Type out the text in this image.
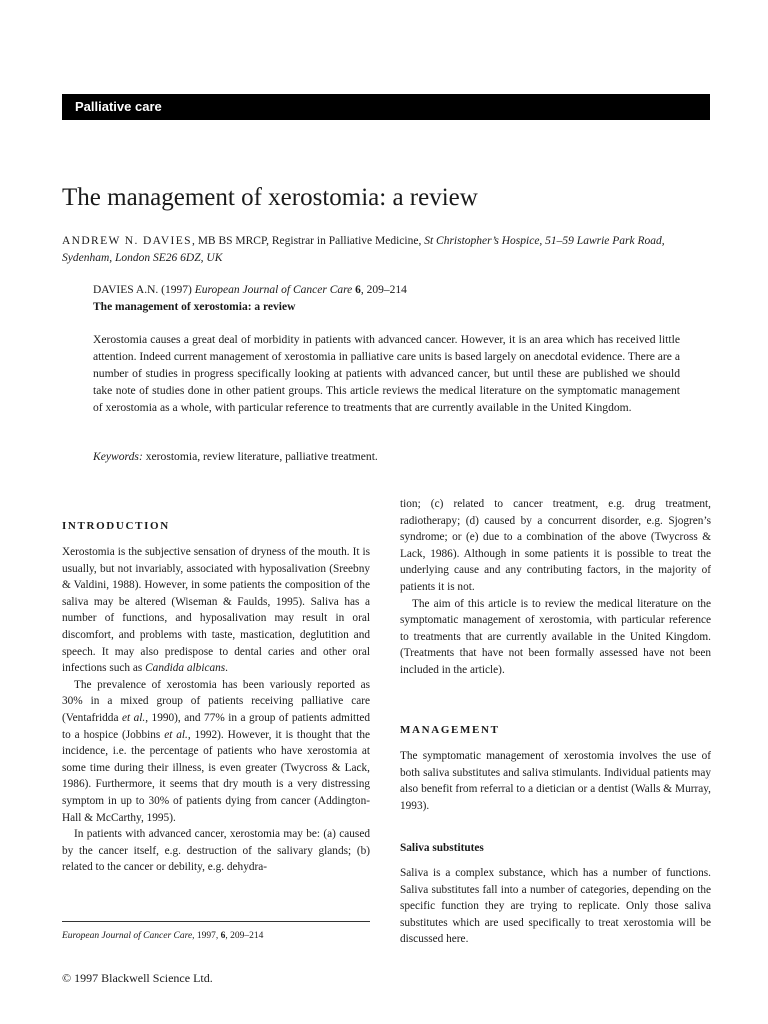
Palliative care
The management of xerostomia: a review
ANDREW N. DAVIES, MB BS MRCP, Registrar in Palliative Medicine, St Christopher’s Hospice, 51–59 Lawrie Park Road, Sydenham, London SE26 6DZ, UK
DAVIES A.N. (1997) European Journal of Cancer Care 6, 209–214
The management of xerostomia: a review

Xerostomia causes a great deal of morbidity in patients with advanced cancer. However, it is an area which has received little attention. Indeed current management of xerostomia in palliative care units is based largely on anecdotal evidence. There are a number of studies in progress specifically looking at patients with advanced cancer, but until these are published we should take note of studies done in other patient groups. This article reviews the medical literature on the symptomatic management of xerostomia as a whole, with particular reference to treatments that are currently available in the United Kingdom.

Keywords: xerostomia, review literature, palliative treatment.
INTRODUCTION

Xerostomia is the subjective sensation of dryness of the mouth. It is usually, but not invariably, associated with hyposalivation (Sreebny & Valdini, 1988). However, in some patients the composition of the saliva may be altered (Wiseman & Faulds, 1995). Saliva has a number of functions, and hyposalivation may result in oral discomfort, and problems with taste, mastication, deglutition and speech. It may also predispose to dental caries and other oral infections such as Candida albicans.

The prevalence of xerostomia has been variously reported as 30% in a mixed group of patients receiving palliative care (Ventafridda et al., 1990), and 77% in a group of patients admitted to a hospice (Jobbins et al., 1992). However, it is thought that the incidence, i.e. the percentage of patients who have xerostomia at some time during their illness, is even greater (Twycross & Lack, 1986). Furthermore, it seems that dry mouth is a very distressing symptom in up to 30% of patients dying from cancer (Addington-Hall & McCarthy, 1995).

In patients with advanced cancer, xerostomia may be: (a) caused by the cancer itself, e.g. destruction of the salivary glands; (b) related to the cancer or debility, e.g. dehydra-

tion; (c) related to cancer treatment, e.g. drug treatment, radiotherapy; (d) caused by a concurrent disorder, e.g. Sjogren’s syndrome; or (e) due to a combination of the above (Twycross & Lack, 1986). Although in some patients it is possible to treat the underlying cause and any contributing factors, in the majority of patients it is not.

The aim of this article is to review the medical literature on the symptomatic management of xerostomia, with particular reference to treatments that are currently available in the United Kingdom. (Treatments that have not been formally assessed have not been included in the article).

MANAGEMENT

The symptomatic management of xerostomia involves the use of both saliva substitutes and saliva stimulants. Individual patients may also benefit from referral to a dietician or a dentist (Walls & Murray, 1993).

Saliva substitutes

Saliva is a complex substance, which has a number of functions. Saliva substitutes fall into a number of categories, depending on the specific function they are trying to replicate. Only those saliva substitutes which are used specifically to treat xerostomia will be discussed here.

European Journal of Cancer Care, 1997, 6, 209–214
© 1997 Blackwell Science Ltd.
